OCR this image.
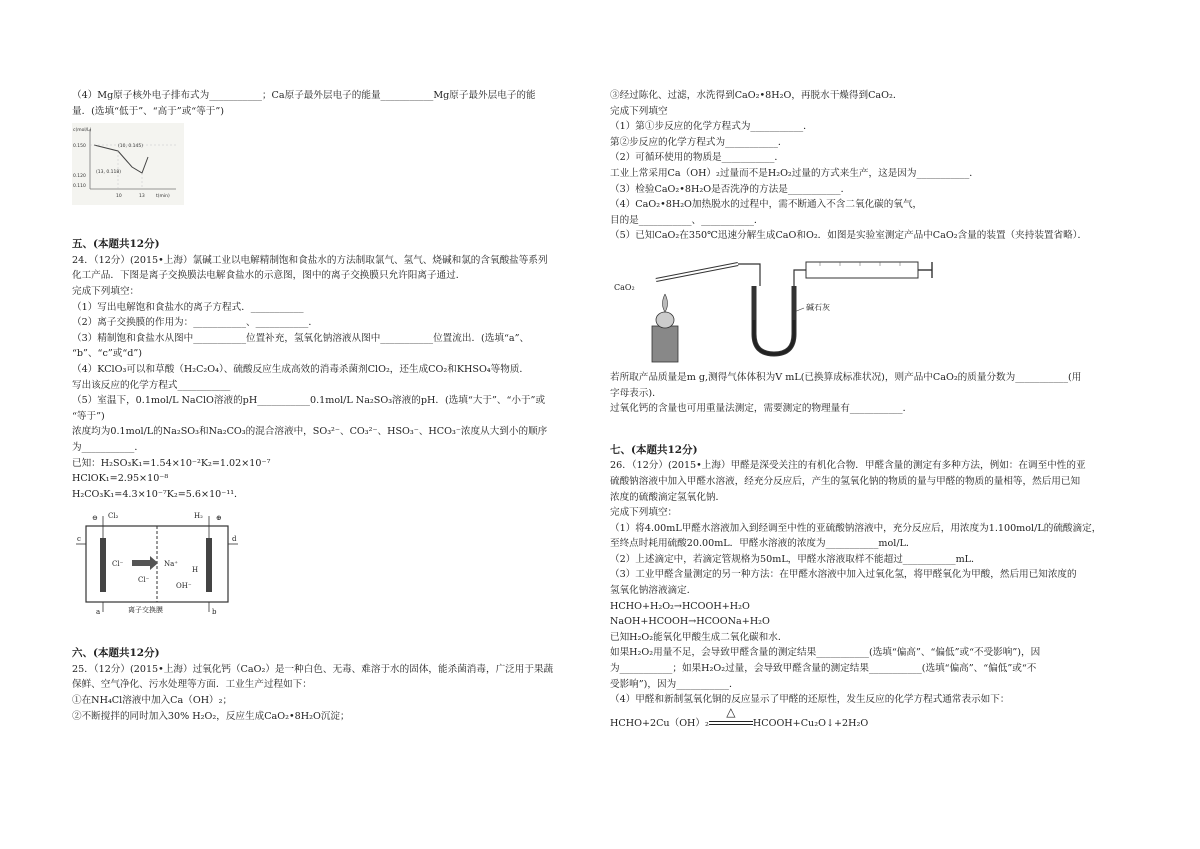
（4）Mg原子核外电子排布式为___________；Ca原子最外层电子的能量___________Mg原子最外层电子的能
量．(选填“低于”、“高于”或“等于”)
c(mol/L)
0.150
0.120
0.110
(10, 0.145)
(13, 0.118)
10	13	t(min)
五、(本题共12分)
24．（12分）(2015•上海）氯碱工业以电解精制饱和食盐水的方法制取氯气、氢气、烧碱和氯的含氧酸盐等系列
化工产品．下图是离子交换膜法电解食盐水的示意图，图中的离子交换膜只允许阳离子通过．
完成下列填空：
（1）写出电解饱和食盐水的离子方程式．___________
（2）离子交换膜的作用为：___________、___________．
（3）精制饱和食盐水从图中___________位置补充，氢氧化钠溶液从图中___________位置流出．(选填“a”、
“b”、“c”或“d”)
（4）KClO₃可以和草酸（H₂C₂O₄）、硫酸反应生成高效的消毒杀菌剂ClO₂，还生成CO₂和KHSO₄等物质．
写出该反应的化学方程式___________
（5）室温下，0.1mol/L NaClO溶液的pH___________0.1mol/L Na₂SO₃溶液的pH．(选填“大于”、“小于”或
“等于”)
浓度均为0.1mol/L的Na₂SO₃和Na₂CO₃的混合溶液中，SO₃²⁻、CO₃²⁻、HSO₃⁻、HCO₃⁻浓度从大到小的顺序
为___________．
已知：H₂SO₃K₁=1.54×10⁻²K₂=1.02×10⁻⁷
HClOK₁=2.95×10⁻⁸
H₂CO₃K₁=4.3×10⁻⁷K₂=5.6×10⁻¹¹．
Cl₂	H₂
⊖	⊕
c	d
a	b
Cl⁻	Na⁺
Cl⁻
OH⁻
H
离子交换膜
六、(本题共12分)
25．（12分）(2015•上海）过氧化钙（CaO₂）是一种白色、无毒、难溶于水的固体，能杀菌消毒，广泛用于果蔬
保鲜、空气净化、污水处理等方面．工业生产过程如下：
①在NH₄Cl溶液中加入Ca（OH）₂；
②不断搅拌的同时加入30% H₂O₂，反应生成CaO₂•8H₂O沉淀；
③经过陈化、过滤，水洗得到CaO₂•8H₂O，再脱水干燥得到CaO₂．
完成下列填空
（1）第①步反应的化学方程式为___________．
第②步反应的化学方程式为___________．
（2）可循环使用的物质是___________．
工业上常采用Ca（OH）₂过量而不是H₂O₂过量的方式来生产，这是因为___________．
（3）检验CaO₂•8H₂O是否洗净的方法是___________．
（4）CaO₂•8H₂O加热脱水的过程中，需不断通入不含二氧化碳的氧气，
目的是___________、___________．
（5）已知CaO₂在350℃迅速分解生成CaO和O₂．如图是实验室测定产品中CaO₂含量的装置（夹持装置省略）．
CaO₂
碱石灰
若所取产品质量是m g,测得气体体积为V mL(已换算成标准状况)，则产品中CaO₂的质量分数为___________(用
字母表示)．
过氧化钙的含量也可用重量法测定，需要测定的物理量有___________．
七、(本题共12分)
26．（12分）(2015•上海）甲醛是深受关注的有机化合物．甲醛含量的测定有多种方法，例如：在调至中性的亚
硫酸钠溶液中加入甲醛水溶液，经充分反应后，产生的氢氧化钠的物质的量与甲醛的物质的量相等，然后用已知
浓度的硫酸滴定氢氧化钠．
完成下列填空：
（1）将4.00mL甲醛水溶液加入到经调至中性的亚硫酸钠溶液中，充分反应后，用浓度为1.100mol/L的硫酸滴定，
至终点时耗用硫酸20.00mL．甲醛水溶液的浓度为___________mol/L．
（2）上述滴定中，若滴定管规格为50mL，甲醛水溶液取样不能超过___________mL．
（3）工业甲醛含量测定的另一种方法：在甲醛水溶液中加入过氧化氢，将甲醛氧化为甲酸，然后用已知浓度的
氢氧化钠溶液滴定．
HCHO+H₂O₂→HCOOH+H₂O
NaOH+HCOOH→HCOONa+H₂O
已知H₂O₂能氧化甲酸生成二氧化碳和水．
如果H₂O₂用量不足，会导致甲醛含量的测定结果___________(选填“偏高”、“偏低”或“不受影响”)，因
为___________；如果H₂O₂过量，会导致甲醛含量的测定结果___________(选填“偏高”、“偏低”或“不
受影响”)，因为___________．
（4）甲醛和新制氢氧化铜的反应显示了甲醛的还原性，发生反应的化学方程式通常表示如下：
HCHO+2Cu（OH）₂
△
HCOOH+Cu₂O↓+2H₂O
